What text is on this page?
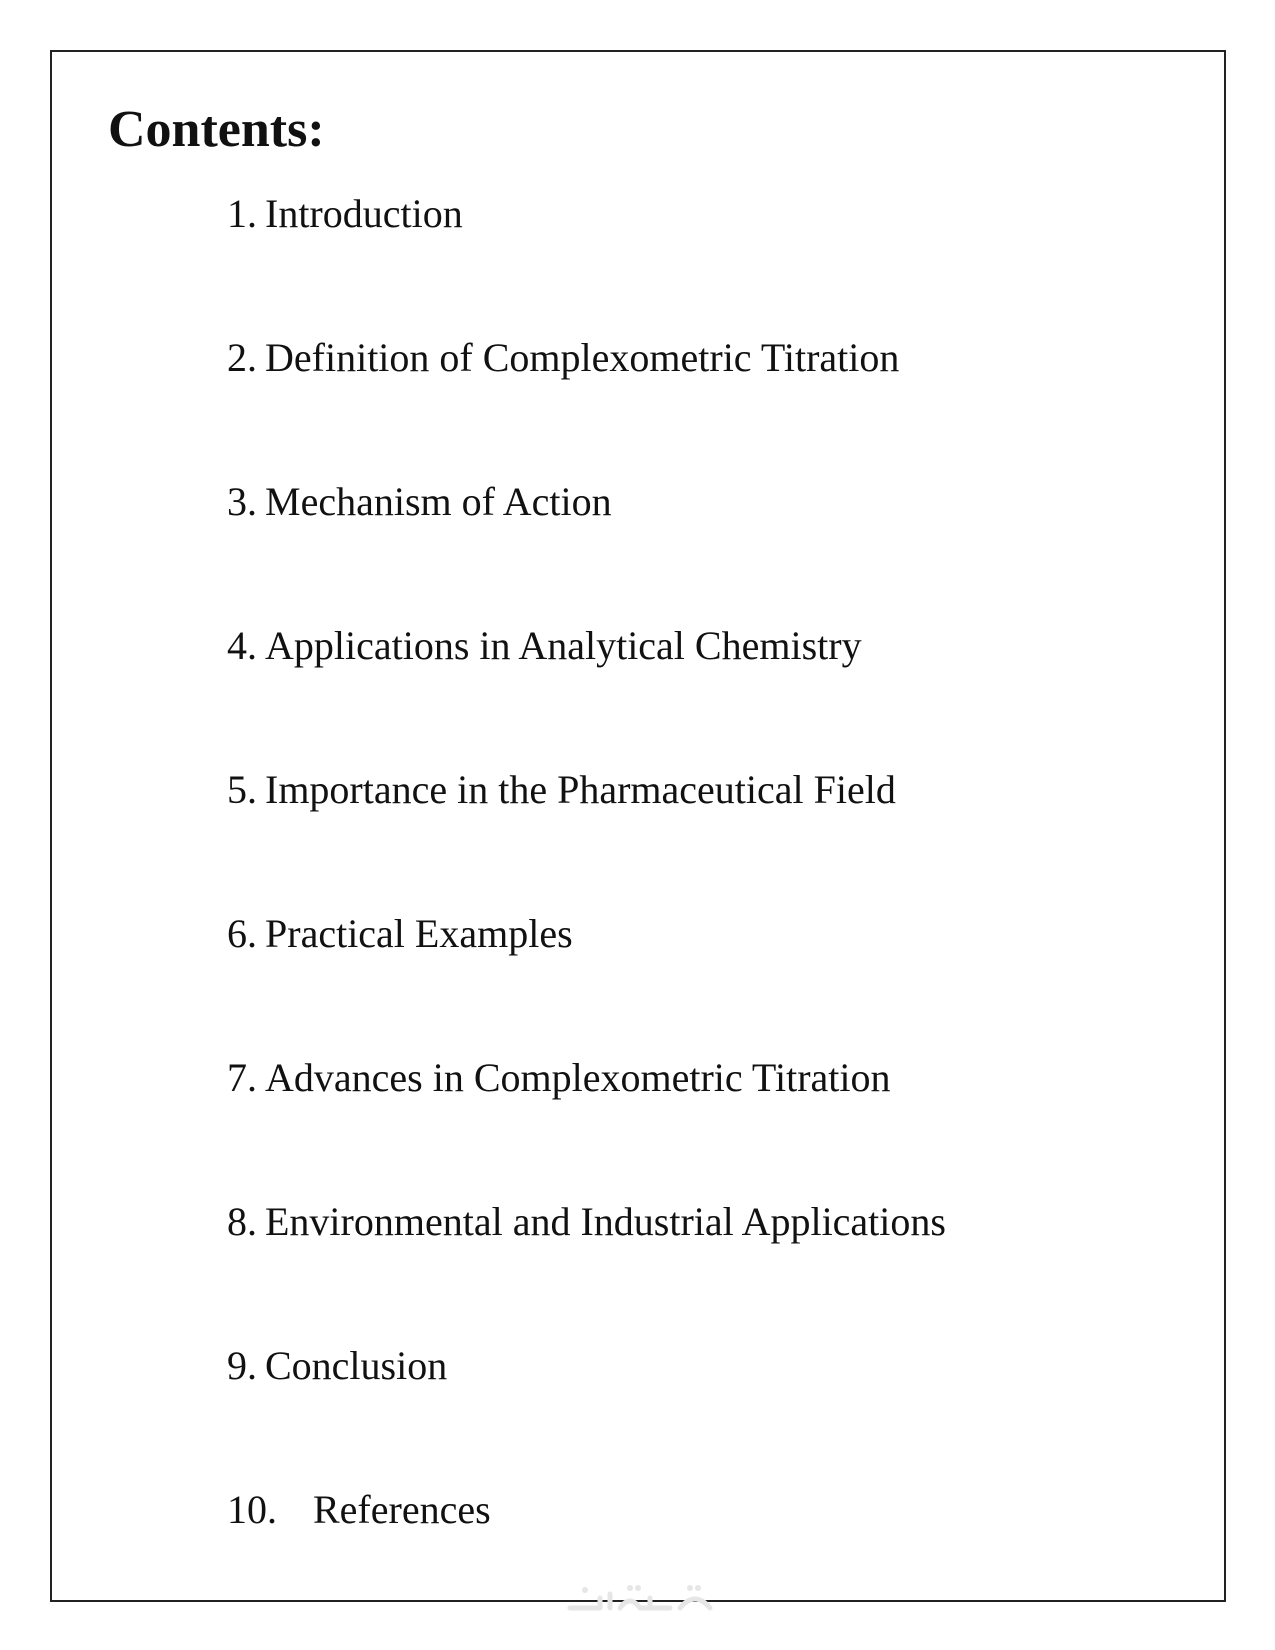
Contents:
1. Introduction
2. Definition of Complexometric Titration
3. Mechanism of Action
4. Applications in Analytical Chemistry
5. Importance in the Pharmaceutical Field
6. Practical Examples
7. Advances in Complexometric Titration
8. Environmental and Industrial Applications
9. Conclusion
10. References
